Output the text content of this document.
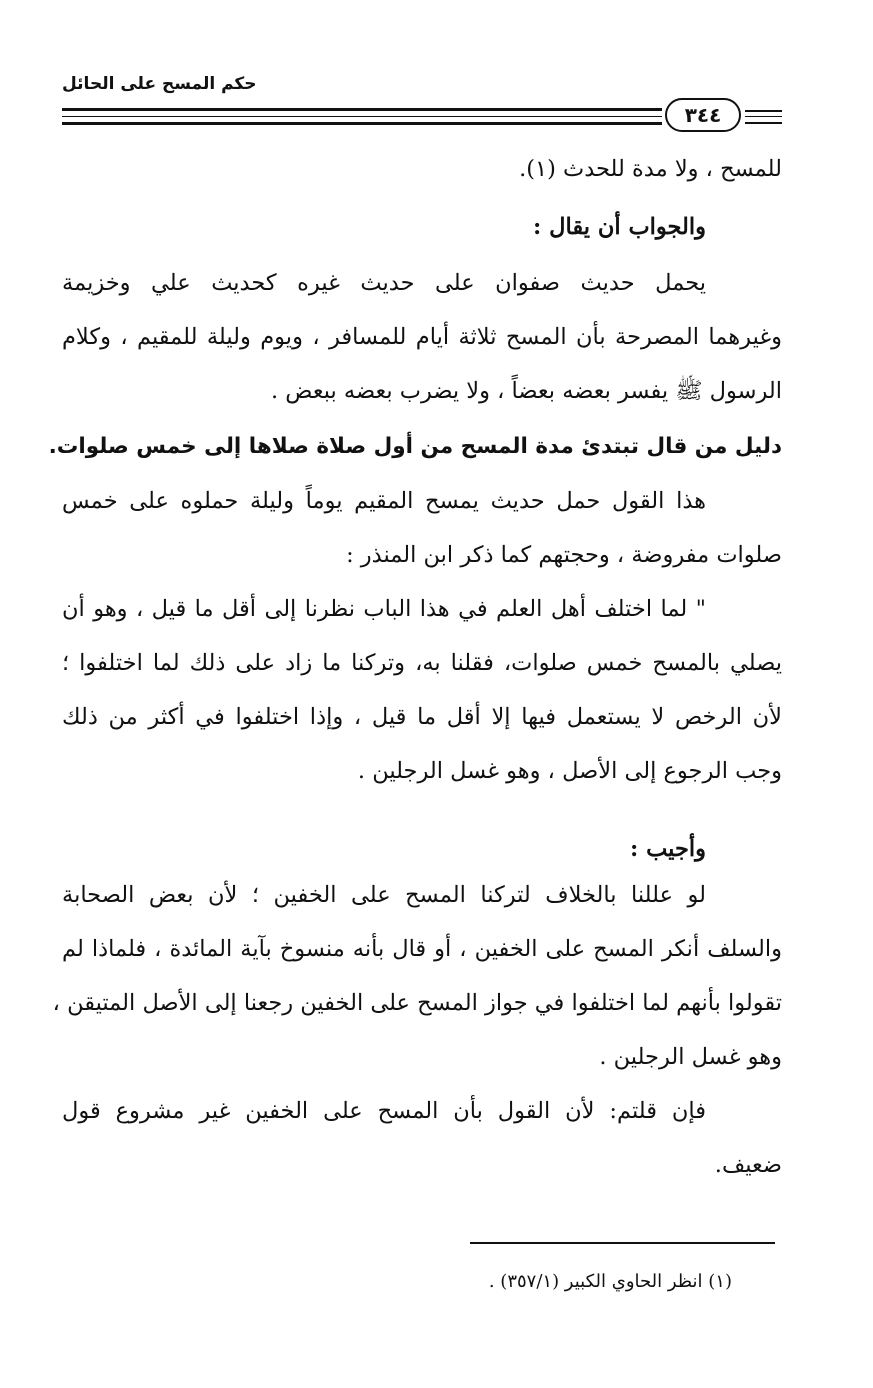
حكم المسح على الحائل
٣٤٤

للمسح ، ولا مدة للحدث (١).

والجواب أن يقال :

يحمل حديث صفوان على حديث غيره كحديث علي وخزيمة

وغيرهما المصرحة بأن المسح ثلاثة أيام للمسافر ، ويوم وليلة للمقيم ، وكلام

الرسول ﷺ يفسر بعضه بعضاً ، ولا يضرب بعضه ببعض .

دليل من قال تبتدئ مدة المسح من أول صلاة صلاها إلى خمس صلوات.

هذا القول حمل حديث يمسح المقيم يوماً وليلة حملوه على خمس

صلوات مفروضة ، وحجتهم كما ذكر ابن المنذر :

" لما اختلف أهل العلم في هذا الباب نظرنا إلى أقل ما قيل ، وهو أن

يصلي بالمسح خمس صلوات، فقلنا به، وتركنا ما زاد على ذلك لما اختلفوا ؛

لأن الرخص لا يستعمل فيها إلا أقل ما قيل ، وإذا اختلفوا في أكثر من ذلك

وجب الرجوع إلى الأصل ، وهو غسل الرجلين .

وأجيب :

لو عللنا بالخلاف لتركنا المسح على الخفين ؛ لأن بعض الصحابة

والسلف أنكر المسح على الخفين ، أو قال بأنه منسوخ بآية المائدة ، فلماذا لم

تقولوا بأنهم لما اختلفوا في جواز المسح على الخفين رجعنا إلى الأصل المتيقن ،

وهو غسل الرجلين .

فإن قلتم: لأن القول بأن المسح على الخفين غير مشروع قول

ضعيف.

(١) انظر الحاوي الكبير (٣٥٧/١) .
